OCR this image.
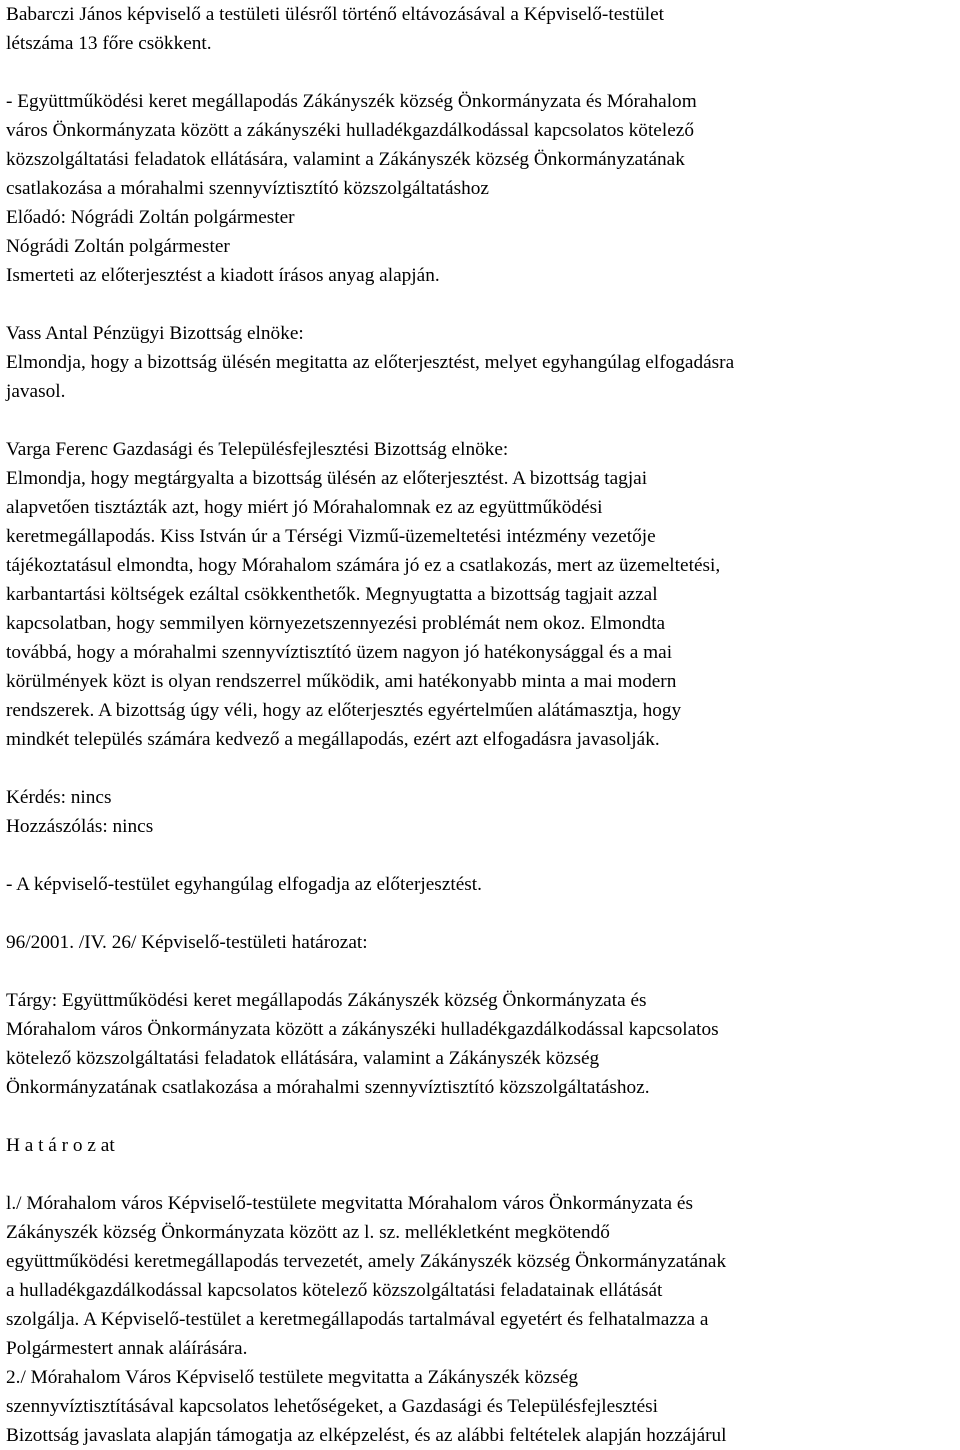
Babarczi János képviselő a testületi ülésről történő eltávozásával a Képviselő-testület
létszáma 13 főre csökkent.
- Együttműködési keret megállapodás Zákányszék község Önkormányzata és Mórahalom
város Önkormányzata között a zákányszéki hulladékgazdálkodással kapcsolatos kötelező
közszolgáltatási feladatok ellátására, valamint a Zákányszék község Önkormányzatának
csatlakozása a mórahalmi szennyvíztisztító közszolgáltatáshoz
Előadó: Nógrádi Zoltán polgármester
Nógrádi Zoltán polgármester
Ismerteti az előterjesztést a kiadott írásos anyag alapján.
Vass Antal Pénzügyi Bizottság elnöke:
Elmondja, hogy a bizottság ülésén megitatta az előterjesztést, melyet egyhangúlag elfogadásra
javasol.
Varga Ferenc Gazdasági és Településfejlesztési Bizottság elnöke:
Elmondja, hogy megtárgyalta a bizottság ülésén az előterjesztést. A bizottság tagjai
alapvetően tisztázták azt, hogy miért jó Mórahalomnak ez az együttműködési
keretmegállapodás. Kiss István úr a Térségi Vizmű-üzemeltetési intézmény vezetője
tájékoztatásul elmondta, hogy Mórahalom számára jó ez a csatlakozás, mert az üzemeltetési,
karbantartási költségek ezáltal csökkenthetők. Megnyugtatta a bizottság tagjait azzal
kapcsolatban, hogy semmilyen környezetszennyezési problémát nem okoz. Elmondta
továbbá, hogy a mórahalmi szennyvíztisztító üzem nagyon jó hatékonysággal és a mai
körülmények közt is olyan rendszerrel működik, ami hatékonyabb minta a mai modern
rendszerek. A bizottság úgy véli, hogy az előterjesztés egyértelműen alátámasztja, hogy
mindkét település számára kedvező a megállapodás, ezért azt elfogadásra javasolják.
Kérdés: nincs
Hozzászólás: nincs
- A képviselő-testület egyhangúlag elfogadja az előterjesztést.
96/2001. /IV. 26/ Képviselő-testületi határozat:
Tárgy: Együttműködési keret megállapodás Zákányszék község Önkormányzata és
Mórahalom város Önkormányzata között a zákányszéki hulladékgazdálkodással kapcsolatos
kötelező közszolgáltatási feladatok ellátására, valamint a Zákányszék község
Önkormányzatának csatlakozása a mórahalmi szennyvíztisztító közszolgáltatáshoz.
H a t á r o z at
l./ Mórahalom város Képviselő-testülete megvitatta Mórahalom város Önkormányzata és
Zákányszék község Önkormányzata között az l. sz. mellékletként megkötendő
együttműködési keretmegállapodás tervezetét, amely Zákányszék község Önkormányzatának
a hulladékgazdálkodással kapcsolatos kötelező közszolgáltatási feladatainak ellátását
szolgálja. A Képviselő-testület a keretmegállapodás tartalmával egyetért és felhatalmazza a
Polgármestert annak aláírására.
2./ Mórahalom Város Képviselő testülete megvitatta a Zákányszék község
szennyvíztisztításával kapcsolatos lehetőségeket, a Gazdasági és Településfejlesztési
Bizottság javaslata alapján támogatja az elképzelést, és az alábbi feltételek alapján hozzájárul
